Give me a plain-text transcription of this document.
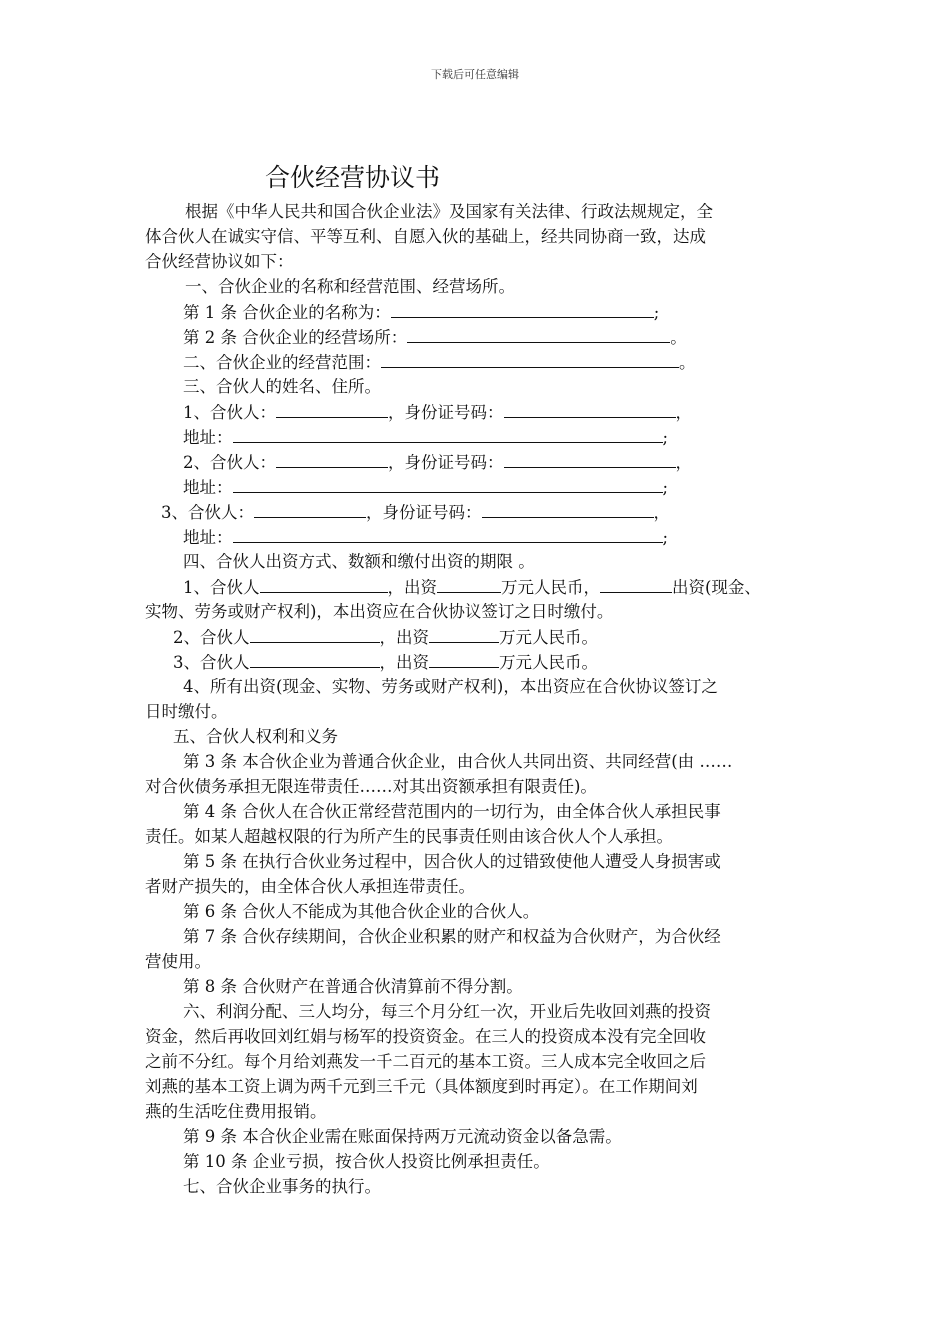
下载后可任意编辑
合伙经营协议书
根据《中华人民共和国合伙企业法》及国家有关法律、行政法规规定，全
体合伙人在诚实守信、平等互利、自愿入伙的基础上，经共同协商一致，达成
合伙经营协议如下：
一、合伙企业的名称和经营范围、经营场所。
第 1 条 合伙企业的名称为：	;
第 2 条 合伙企业的经营场所：	。
二、合伙企业的经营范围：	。
三、合伙人的姓名、住所。
1、合伙人：	，身份证号码：	，
地址：	;
2、合伙人：	，身份证号码：	，
地址：	;
3、合伙人：	，身份证号码：	，
地址：	;
四、合伙人出资方式、数额和缴付出资的期限 。
1、合伙人	，出资	万元人民币，	出资(现金、
实物、劳务或财产权利)，本出资应在合伙协议签订之日时缴付。
2、合伙人	，出资	万元人民币。
3、合伙人	，出资	万元人民币。
4、所有出资(现金、实物、劳务或财产权利)，本出资应在合伙协议签订之
日时缴付。
五、合伙人权利和义务
第 3 条 本合伙企业为普通合伙企业，由合伙人共同出资、共同经营(由 ……
对合伙债务承担无限连带责任……对其出资额承担有限责任)。
第 4 条 合伙人在合伙正常经营范围内的一切行为，由全体合伙人承担民事
责任。如某人超越权限的行为所产生的民事责任则由该合伙人个人承担。
第 5 条 在执行合伙业务过程中，因合伙人的过错致使他人遭受人身损害或
者财产损失的，由全体合伙人承担连带责任。
第 6 条 合伙人不能成为其他合伙企业的合伙人。
第 7 条 合伙存续期间，合伙企业积累的财产和权益为合伙财产，为合伙经
营使用。
第 8 条 合伙财产在普通合伙清算前不得分割。
六、利润分配、三人均分，每三个月分红一次，开业后先收回刘燕的投资
资金，然后再收回刘红娟与杨军的投资资金。在三人的投资成本没有完全回收
之前不分红。每个月给刘燕发一千二百元的基本工资。三人成本完全收回之后
刘燕的基本工资上调为两千元到三千元（具体额度到时再定）。在工作期间刘
燕的生活吃住费用报销。
第 9 条 本合伙企业需在账面保持两万元流动资金以备急需。
第 10 条 企业亏损，按合伙人投资比例承担责任。
七、合伙企业事务的执行。
